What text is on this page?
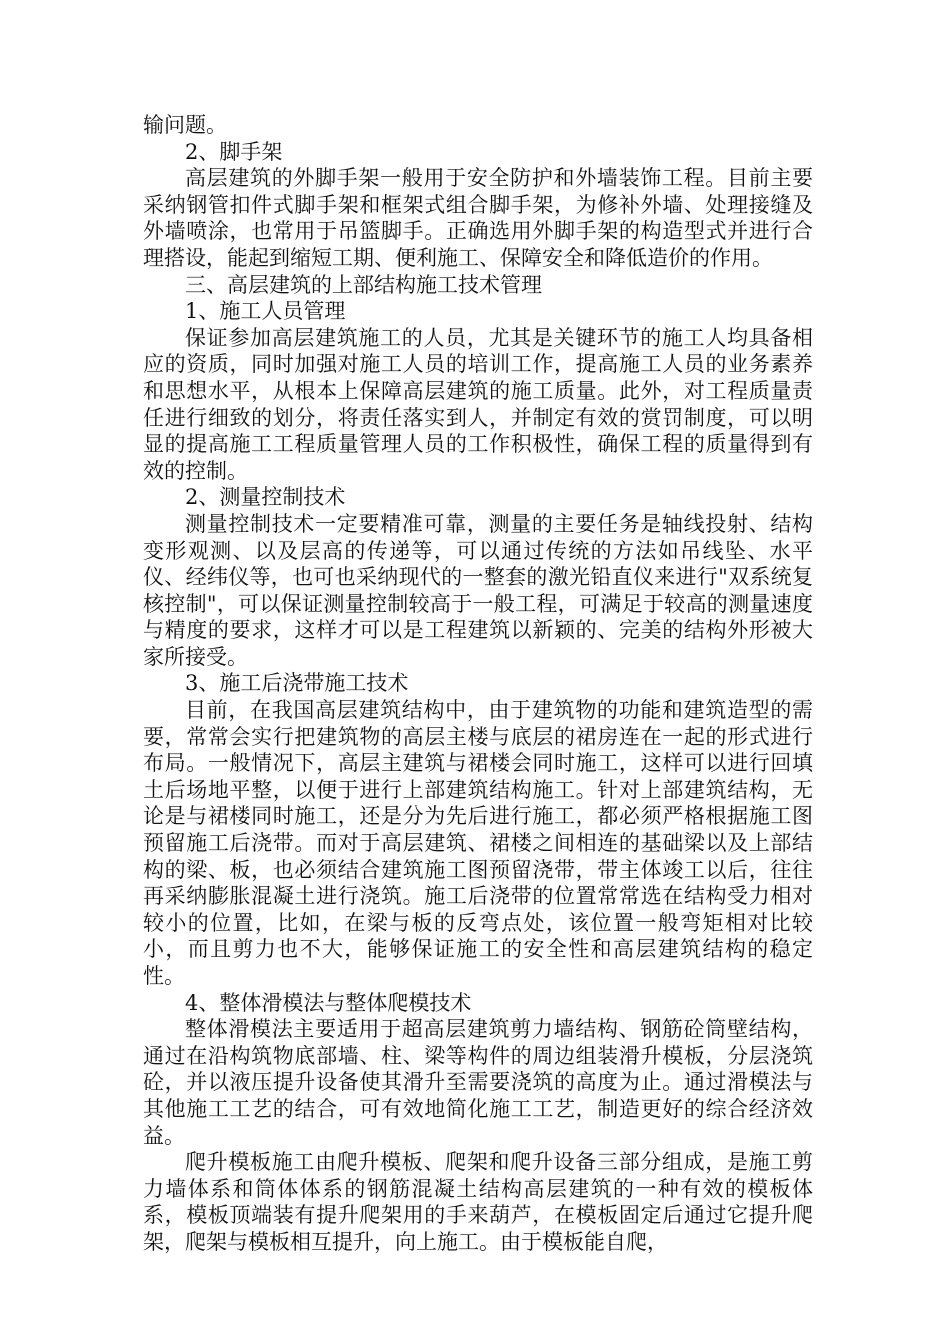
输问题。

2、脚手架

高层建筑的外脚手架一般用于安全防护和外墙装饰工程。目前主要采纳钢管扣件式脚手架和框架式组合脚手架，为修补外墙、处理接缝及外墙喷涂，也常用于吊篮脚手。正确选用外脚手架的构造型式并进行合理搭设，能起到缩短工期、便利施工、保障安全和降低造价的作用。

三、高层建筑的上部结构施工技术管理

1、施工人员管理

保证参加高层建筑施工的人员，尤其是关键环节的施工人均具备相应的资质，同时加强对施工人员的培训工作，提高施工人员的业务素养和思想水平，从根本上保障高层建筑的施工质量。此外，对工程质量责任进行细致的划分，将责任落实到人，并制定有效的赏罚制度，可以明显的提高施工工程质量管理人员的工作积极性，确保工程的质量得到有效的控制。

2、测量控制技术

测量控制技术一定要精准可靠，测量的主要任务是轴线投射、结构变形观测、以及层高的传递等，可以通过传统的方法如吊线坠、水平仪、经纬仪等，也可也采纳现代的一整套的激光铅直仪来进行"双系统复核控制"，可以保证测量控制较高于一般工程，可满足于较高的测量速度与精度的要求，这样才可以是工程建筑以新颖的、完美的结构外形被大家所接受。

3、施工后浇带施工技术

目前，在我国高层建筑结构中，由于建筑物的功能和建筑造型的需要，常常会实行把建筑物的高层主楼与底层的裙房连在一起的形式进行布局。一般情况下，高层主建筑与裙楼会同时施工，这样可以进行回填土后场地平整，以便于进行上部建筑结构施工。针对上部建筑结构，无论是与裙楼同时施工，还是分为先后进行施工，都必须严格根据施工图预留施工后浇带。而对于高层建筑、裙楼之间相连的基础梁以及上部结构的梁、板，也必须结合建筑施工图预留浇带，带主体竣工以后，往往再采纳膨胀混凝土进行浇筑。施工后浇带的位置常常选在结构受力相对较小的位置，比如，在梁与板的反弯点处，该位置一般弯矩相对比较小，而且剪力也不大，能够保证施工的安全性和高层建筑结构的稳定性。

4、整体滑模法与整体爬模技术

整体滑模法主要适用于超高层建筑剪力墙结构、钢筋砼筒壁结构，通过在沿构筑物底部墙、柱、梁等构件的周边组装滑升模板，分层浇筑砼，并以液压提升设备使其滑升至需要浇筑的高度为止。通过滑模法与其他施工工艺的结合，可有效地简化施工工艺，制造更好的综合经济效益。

爬升模板施工由爬升模板、爬架和爬升设备三部分组成，是施工剪力墙体系和筒体体系的钢筋混凝土结构高层建筑的一种有效的模板体系，模板顶端装有提升爬架用的手来葫芦，在模板固定后通过它提升爬架，爬架与模板相互提升，向上施工。由于模板能自爬，
